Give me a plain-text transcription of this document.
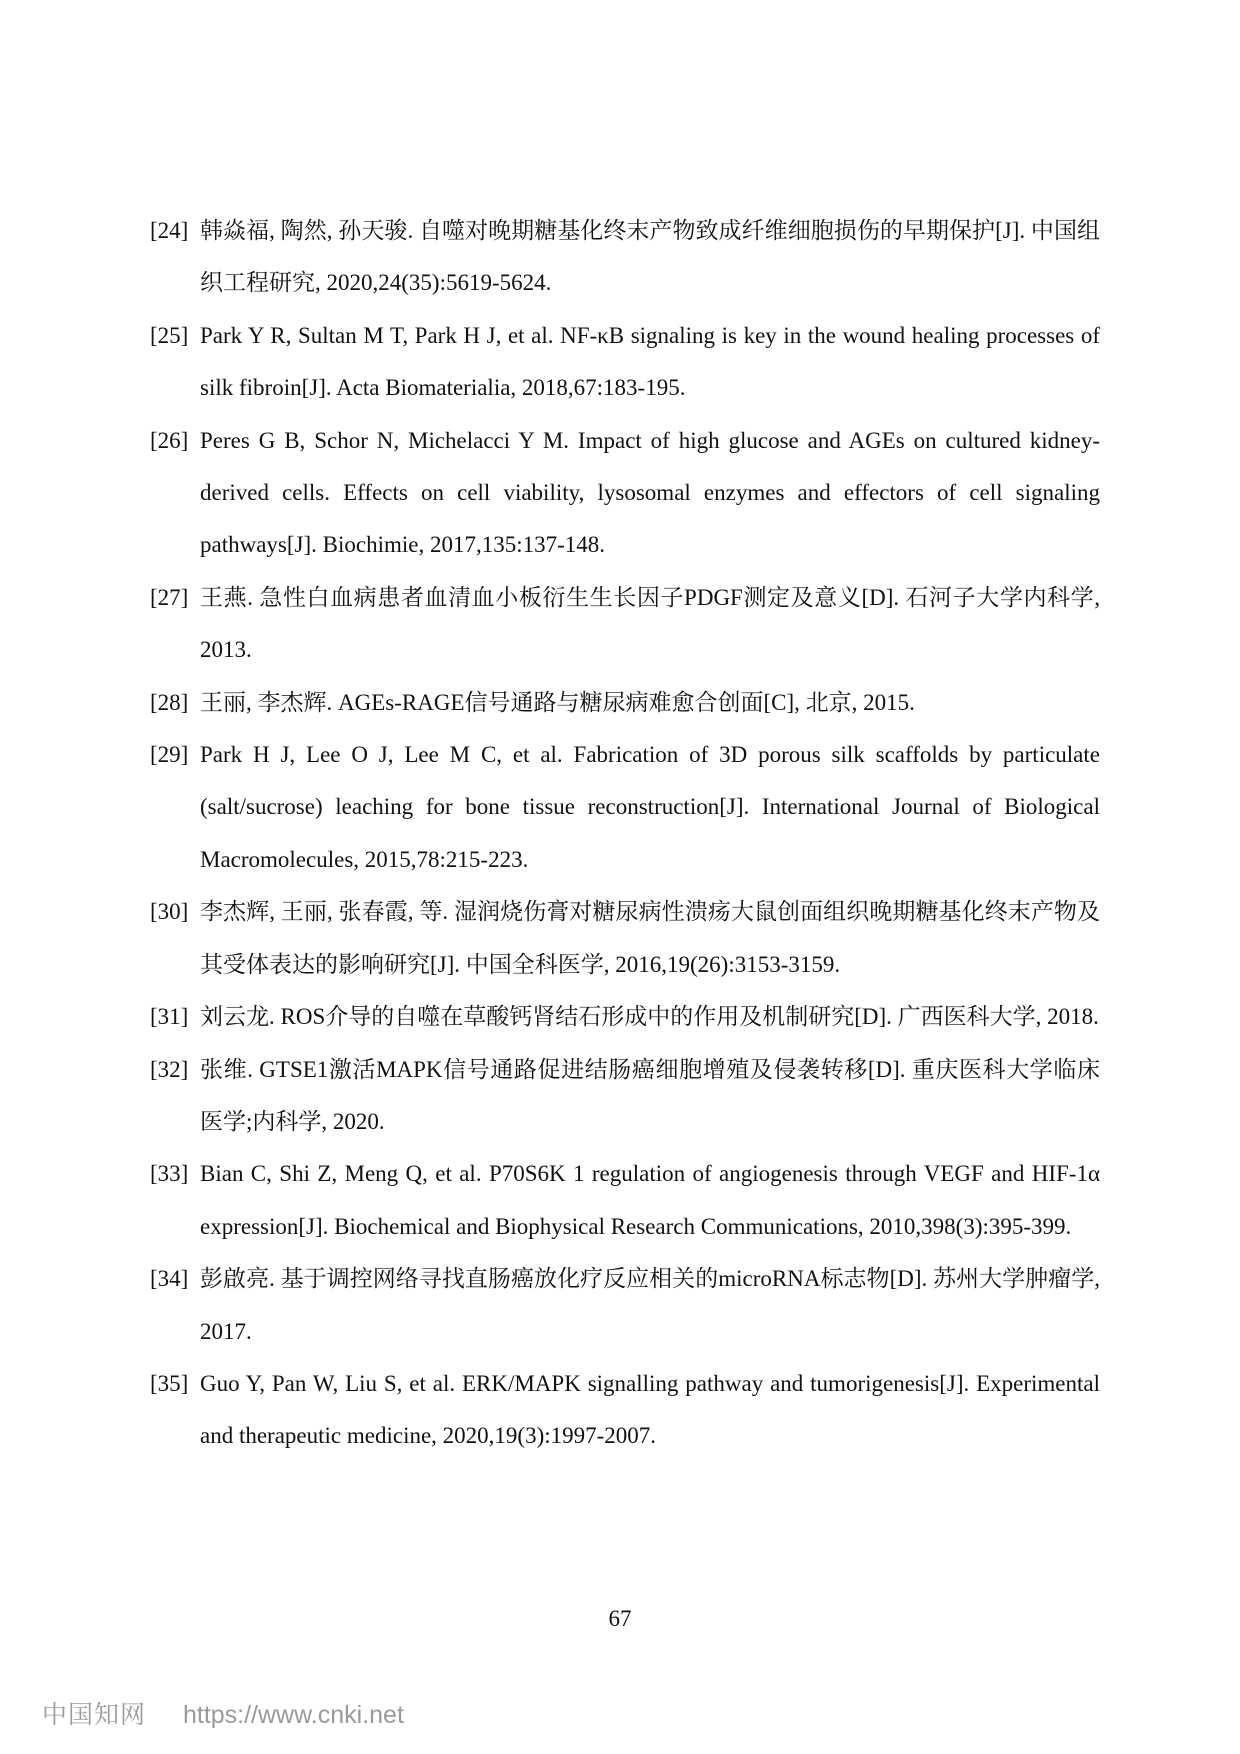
[24] 韩焱福, 陶然, 孙天骏. 自噬对晚期糖基化终末产物致成纤维细胞损伤的早期保护[J]. 中国组织工程研究, 2020,24(35):5619-5624.
[25] Park Y R, Sultan M T, Park H J, et al. NF-κB signaling is key in the wound healing processes of silk fibroin[J]. Acta Biomaterialia, 2018,67:183-195.
[26] Peres G B, Schor N, Michelacci Y M. Impact of high glucose and AGEs on cultured kidney-derived cells. Effects on cell viability, lysosomal enzymes and effectors of cell signaling pathways[J]. Biochimie, 2017,135:137-148.
[27] 王燕. 急性白血病患者血清血小板衍生生长因子PDGF测定及意义[D]. 石河子大学内科学, 2013.
[28] 王丽, 李杰辉. AGEs-RAGE信号通路与糖尿病难愈合创面[C], 北京, 2015.
[29] Park H J, Lee O J, Lee M C, et al. Fabrication of 3D porous silk scaffolds by particulate (salt/sucrose) leaching for bone tissue reconstruction[J]. International Journal of Biological Macromolecules, 2015,78:215-223.
[30] 李杰辉, 王丽, 张春霞, 等. 湿润烧伤膏对糖尿病性溃疡大鼠创面组织晚期糖基化终末产物及其受体表达的影响研究[J]. 中国全科医学, 2016,19(26):3153-3159.
[31] 刘云龙. ROS介导的自噬在草酸钙肾结石形成中的作用及机制研究[D]. 广西医科大学, 2018.
[32] 张维. GTSE1激活MAPK信号通路促进结肠癌细胞增殖及侵袭转移[D]. 重庆医科大学临床医学;内科学, 2020.
[33] Bian C, Shi Z, Meng Q, et al. P70S6K 1 regulation of angiogenesis through VEGF and HIF-1α expression[J]. Biochemical and Biophysical Research Communications, 2010,398(3):395-399.
[34] 彭啟亮. 基于调控网络寻找直肠癌放化疗反应相关的microRNA标志物[D]. 苏州大学肿瘤学, 2017.
[35] Guo Y, Pan W, Liu S, et al. ERK/MAPK signalling pathway and tumorigenesis[J]. Experimental and therapeutic medicine, 2020,19(3):1997-2007.
67
中国知网 https://www.cnki.net
